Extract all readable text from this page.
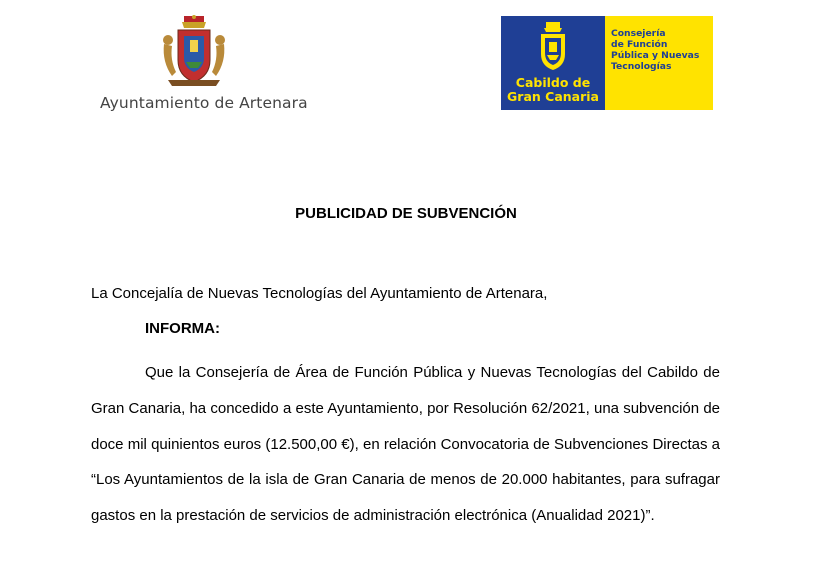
Ayuntamiento de Artenara
Cabildo de
Gran Canaria
Consejería
de Función
Pública y Nuevas
Tecnologías
PUBLICIDAD DE SUBVENCIÓN
La Concejalía de Nuevas Tecnologías del Ayuntamiento de Artenara,
INFORMA:
Que la Consejería de Área de Función Pública y Nuevas Tecnologías del Cabildo de Gran Canaria, ha concedido a este Ayuntamiento, por Resolución 62/2021, una subvención de doce mil quinientos euros (12.500,00 €), en relación Convocatoria de Subvenciones Directas a “Los Ayuntamientos de la isla de Gran Canaria de menos de 20.000 habitantes, para sufragar gastos en la prestación de servicios de administración electrónica (Anualidad 2021)”.
